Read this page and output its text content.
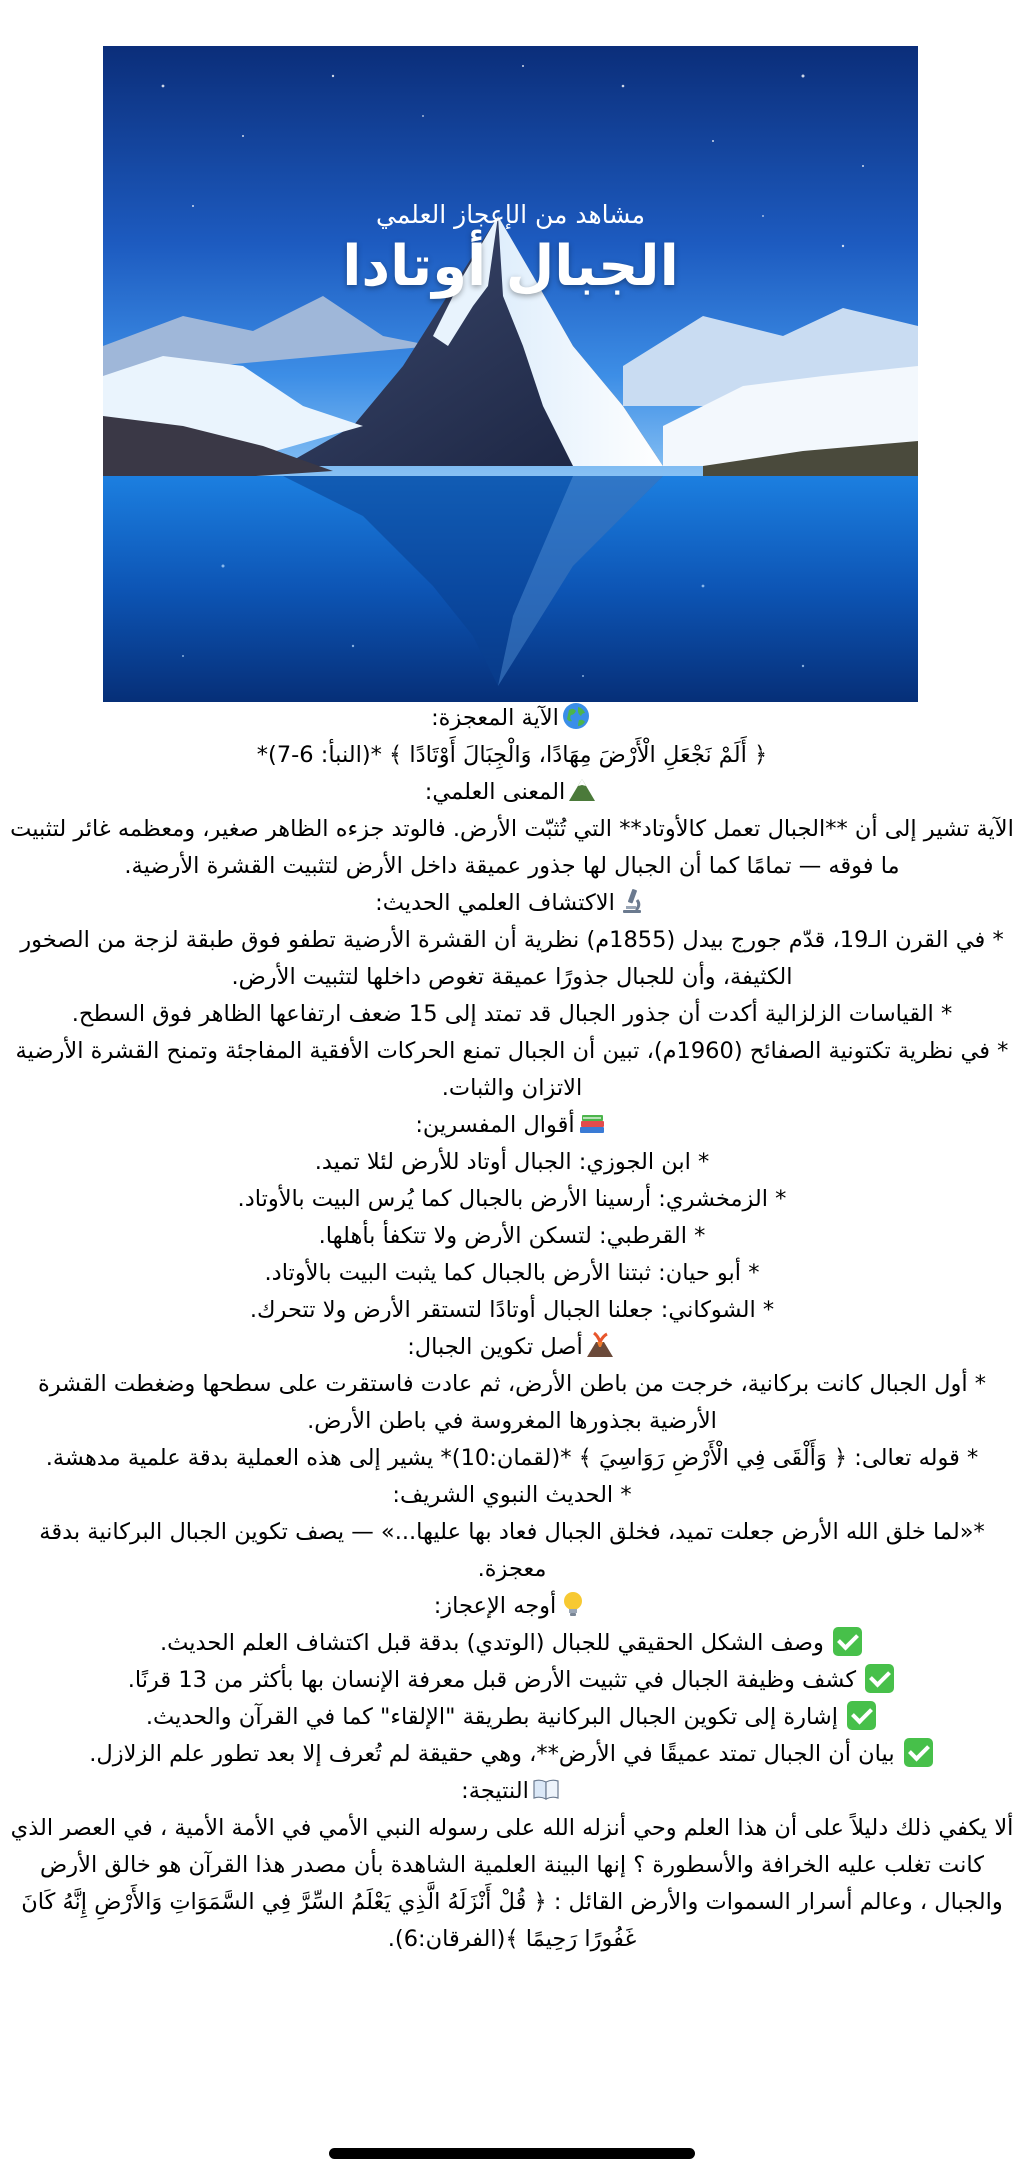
مشاهد من الإعجاز العلمي
الجبال أوتادا

الآية المعجزة:

﴿ أَلَمْ نَجْعَلِ الْأَرْضَ مِهَادًا، وَالْجِبَالَ أَوْتَادًا ﴾ *(النبأ: 6-7)*

المعنى العلمي:

الآية تشير إلى أن **الجبال تعمل كالأوتاد** التي تُثبّت الأرض. فالوتد جزءه الظاهر صغير، ومعظمه غائر لتثبيت ما فوقه — تمامًا كما أن الجبال لها جذور عميقة داخل الأرض لتثبيت القشرة الأرضية.

الاكتشاف العلمي الحديث:

* في القرن الـ19، قدّم جورج بيدل (1855م) نظرية أن القشرة الأرضية تطفو فوق طبقة لزجة من الصخور الكثيفة، وأن للجبال جذورًا عميقة تغوص داخلها لتثبيت الأرض.

* القياسات الزلزالية أكدت أن جذور الجبال قد تمتد إلى 15 ضعف ارتفاعها الظاهر فوق السطح.

* في نظرية تكتونية الصفائح (1960م)، تبين أن الجبال تمنع الحركات الأفقية المفاجئة وتمنح القشرة الأرضية الاتزان والثبات.

أقوال المفسرين:

* ابن الجوزي: الجبال أوتاد للأرض لئلا تميد.

* الزمخشري: أرسينا الأرض بالجبال كما يُرس البيت بالأوتاد.

* القرطبي: لتسكن الأرض ولا تتكفأ بأهلها.

* أبو حيان: ثبتنا الأرض بالجبال كما يثبت البيت بالأوتاد.

* الشوكاني: جعلنا الجبال أوتادًا لتستقر الأرض ولا تتحرك.

أصل تكوين الجبال:

* أول الجبال كانت بركانية، خرجت من باطن الأرض، ثم عادت فاستقرت على سطحها وضغطت القشرة الأرضية بجذورها المغروسة في باطن الأرض.

* قوله تعالى: ﴿ وَأَلْقَى فِي الْأَرْضِ رَوَاسِيَ ﴾ *(لقمان:10)* يشير إلى هذه العملية بدقة علمية مدهشة.

* الحديث النبوي الشريف:

*«لما خلق الله الأرض جعلت تميد، فخلق الجبال فعاد بها عليها...» — يصف تكوين الجبال البركانية بدقة معجزة.

أوجه الإعجاز:

وصف الشكل الحقيقي للجبال (الوتدي) بدقة قبل اكتشاف العلم الحديث.

كشف وظيفة الجبال في تثبيت الأرض قبل معرفة الإنسان بها بأكثر من 13 قرنًا.

إشارة إلى تكوين الجبال البركانية بطريقة "الإلقاء" كما في القرآن والحديث.

بيان أن الجبال تمتد عميقًا في الأرض**، وهي حقيقة لم تُعرف إلا بعد تطور علم الزلازل.

النتيجة:

ألا يكفي ذلك دليلاً على أن هذا العلم وحي أنزله الله على رسوله النبي الأمي في الأمة الأمية ، في العصر الذي كانت تغلب عليه الخرافة والأسطورة ؟ إنها البينة العلمية الشاهدة بأن مصدر هذا القرآن هو خالق الأرض والجبال ، وعالم أسرار السموات والأرض القائل : ﴿ قُلْ أَنْزَلَهُ الَّذِي يَعْلَمُ السِّرَّ فِي السَّمَوَاتِ وَالأَرْضِ إِنَّهُ كَانَ غَفُورًا رَحِيمًا ﴾(الفرقان:6).
